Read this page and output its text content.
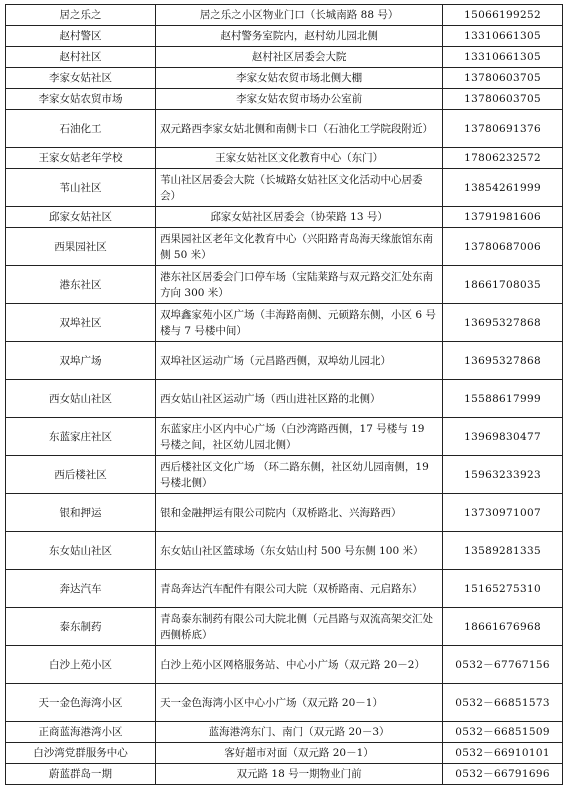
居之乐之	居之乐之小区物业门口（长城南路 88 号）	15066199252
赵村警区	赵村警务室院内，赵村幼儿园北侧	13310661305
赵村社区	赵村社区居委会大院	13310661305
李家女姑社区	李家女姑农贸市场北侧大棚	13780603705
李家女姑农贸市场	李家女姑农贸市场办公室前	13780603705
石油化工	双元路西李家女姑北侧和南侧卡口（石油化工学院段附近）	13780691376
王家女姑老年学校	王家女姑社区文化教育中心（东门）	17806232572
苇山社区	苇山社区居委会大院（长城路女姑社区文化活动中心居委会）	13854261999
邱家女姑社区	邱家女姑社区居委会（协荣路 13 号）	13791981606
西果园社区	西果园社区老年文化教育中心（兴阳路青岛海天缘旅馆东南侧 50 米）	13780687006
港东社区	港东社区居委会门口停车场（宝陆莱路与双元路交汇处东南方向 300 米）	18661708035
双埠社区	双埠鑫家苑小区广场（丰海路南侧、元硕路东侧，小区 6 号楼与 7 号楼中间）	13695327868
双埠广场	双埠社区运动广场（元昌路西侧，双埠幼儿园北）	13695327868
西女姑山社区	西女姑山社区运动广场（西山进社区路的北侧）	15588617999
东蓝家庄社区	东蓝家庄小区内中心广场（白沙湾路西侧，17 号楼与 19 号楼之间，社区幼儿园北侧）	13969830477
西后楼社区	西后楼社区文化广场 （环二路东侧，社区幼儿园南侧，19 号楼北侧）	15963233923
银和押运	银和金融押运有限公司院内（双桥路北、兴海路西）	13730971007
东女姑山社区	东女姑山社区篮球场（东女姑山村 500 号东侧 100 米）	13589281335
奔达汽车	青岛奔达汽车配件有限公司大院（双桥路南、元启路东）	15165275310
泰东制药	青岛泰东制药有限公司大院北侧（元昌路与双流高架交汇处西侧桥底）	18661676968
白沙上苑小区	白沙上苑小区网格服务站、中心小广场（双元路 20－2）	0532－67767156
天一金色海湾小区	天一金色海湾小区中心小广场（双元路 20－1）	0532－66851573
正商蓝海港湾小区	蓝海港湾东门、南门（双元路 20－3）	0532－66851509
白沙湾党群服务中心	客好超市对面（双元路 20－1）	0532－66910101
蔚蓝群岛一期	双元路 18 号一期物业门前	0532－66791696
